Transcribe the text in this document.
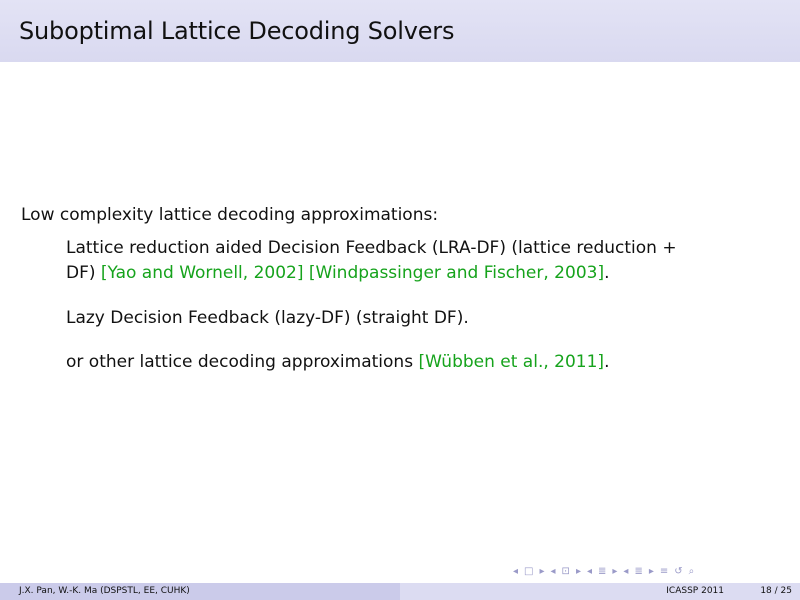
Suboptimal Lattice Decoding Solvers
Low complexity lattice decoding approximations:
Lattice reduction aided Decision Feedback (LRA-DF) (lattice reduction +
DF) [Yao and Wornell, 2002] [Windpassinger and Fischer, 2003].
Lazy Decision Feedback (lazy-DF) (straight DF).
or other lattice decoding approximations [Wübben et al., 2011].
◂ □ ▸ ◂ ⊡ ▸ ◂ ≣ ▸ ◂ ≣ ▸ ≡ ↺ ⌕
J.X. Pan, W.-K. Ma (DSPSTL, EE, CUHK)	ICASSP 2011	18 / 25
